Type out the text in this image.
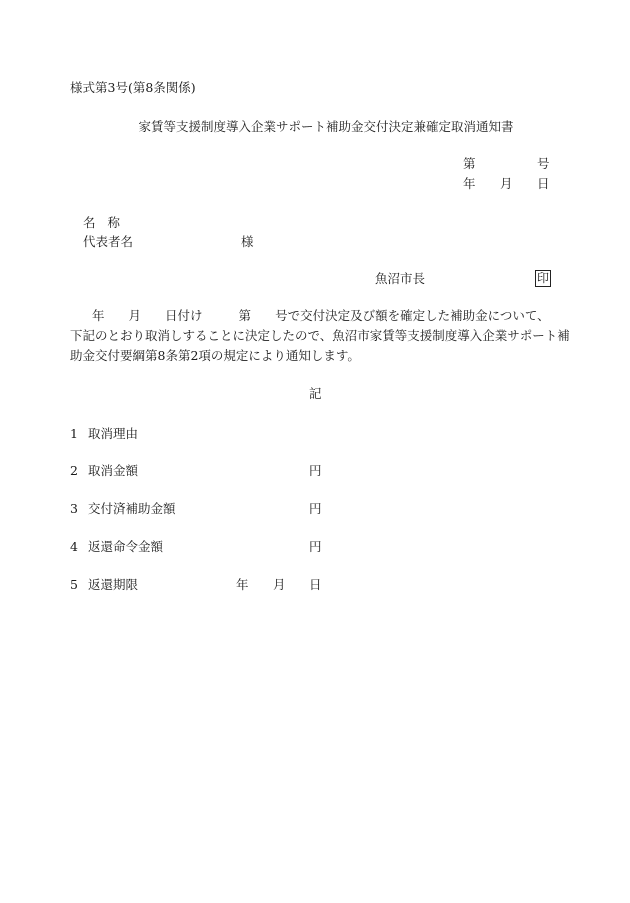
様式第3号(第8条関係)
家賃等支援制度導入企業サポート補助金交付決定兼確定取消通知書
第	号
年 月 日
名称
代表者名	様
魚沼市長	印
年 月 日付け	第 号で交付決定及び額を確定した補助金について、
下記のとおり取消しすることに決定したので、魚沼市家賃等支援制度導入企業サポート補
助金交付要綱第8条第2項の規定により通知します。
記
1 取消理由
2 取消金額	円
3 交付済補助金額	円
4 返還命令金額	円
5 返還期限	年 月 日
